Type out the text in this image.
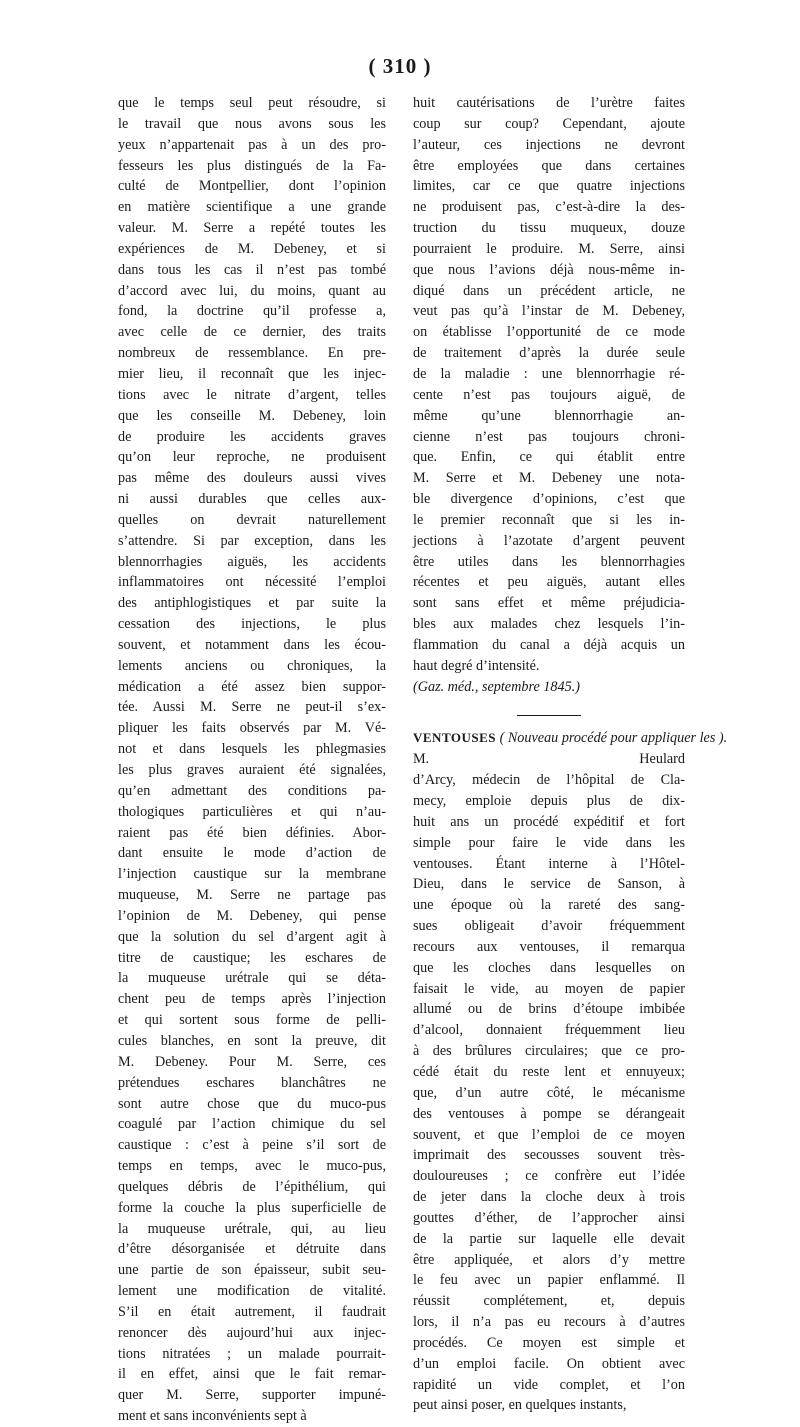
( 310 )
que le temps seul peut résoudre, si
le travail que nous avons sous les
yeux n’appartenait pas à un des pro-
fesseurs les plus distingués de la Fa-
culté de Montpellier, dont l’opinion
en matière scientifique a une grande
valeur. M. Serre a repété toutes les
expériences de M. Debeney, et si
dans tous les cas il n’est pas tombé
d’accord avec lui, du moins, quant au
fond, la doctrine qu’il professe a,
avec celle de ce dernier, des traits
nombreux de ressemblance. En pre-
mier lieu, il reconnaît que les injec-
tions avec le nitrate d’argent, telles
que les conseille M. Debeney, loin
de produire les accidents graves
qu’on leur reproche, ne produisent
pas même des douleurs aussi vives
ni aussi durables que celles aux-
quelles on devrait naturellement
s’attendre. Si par exception, dans les
blennorrhagies aiguës, les accidents
inflammatoires ont nécessité l’emploi
des antiphlogistiques et par suite la
cessation des injections, le plus
souvent, et notamment dans les écou-
lements anciens ou chroniques, la
médication a été assez bien suppor-
tée. Aussi M. Serre ne peut-il s’ex-
pliquer les faits observés par M. Vé-
not et dans lesquels les phlegmasies
les plus graves auraient été signalées,
qu’en admettant des conditions pa-
thologiques particulières et qui n’au-
raient pas été bien définies. Abor-
dant ensuite le mode d’action de
l’injection caustique sur la membrane
muqueuse, M. Serre ne partage pas
l’opinion de M. Debeney, qui pense
que la solution du sel d’argent agit à
titre de caustique; les eschares de
la muqueuse urétrale qui se déta-
chent peu de temps après l’injection
et qui sortent sous forme de pelli-
cules blanches, en sont la preuve, dit
M. Debeney. Pour M. Serre, ces
prétendues eschares blanchâtres ne
sont autre chose que du muco-pus
coagulé par l’action chimique du sel
caustique : c’est à peine s’il sort de
temps en temps, avec le muco-pus,
quelques débris de l’épithélium, qui
forme la couche la plus superficielle de
la muqueuse urétrale, qui, au lieu
d’être désorganisée et détruite dans
une partie de son épaisseur, subit seu-
lement une modification de vitalité.
S’il en était autrement, il faudrait
renoncer dès aujourd’hui aux injec-
tions nitratées ; un malade pourrait-
il en effet, ainsi que le fait remar-
quer M. Serre, supporter impuné-
ment et sans inconvénients sept à
huit cautérisations de l’urètre faites
coup sur coup? Cependant, ajoute
l’auteur, ces injections ne devront
être employées que dans certaines
limites, car ce que quatre injections
ne produisent pas, c’est-à-dire la des-
truction du tissu muqueux, douze
pourraient le produire. M. Serre, ainsi
que nous l’avions déjà nous-même in-
diqué dans un précédent article, ne
veut pas qu’à l’instar de M. Debeney,
on établisse l’opportunité de ce mode
de traitement d’après la durée seule
de la maladie : une blennorrhagie ré-
cente n’est pas toujours aiguë, de
même qu’une blennorrhagie an-
cienne n’est pas toujours chroni-
que. Enfin, ce qui établit entre
M. Serre et M. Debeney une nota-
ble divergence d’opinions, c’est que
le premier reconnaît que si les in-
jections à l’azotate d’argent peuvent
être utiles dans les blennorrhagies
récentes et peu aiguës, autant elles
sont sans effet et même préjudicia-
bles aux malades chez lesquels l’in-
flammation du canal a déjà acquis un
haut degré d’intensité.
(Gaz. méd., septembre 1845.)
VENTOUSES ( Nouveau procédé pour appliquer les ).
M. Heulard
d’Arcy, médecin de l’hôpital de Cla-
mecy, emploie depuis plus de dix-
huit ans un procédé expéditif et fort
simple pour faire le vide dans les
ventouses. Étant interne à l’Hôtel-
Dieu, dans le service de Sanson, à
une époque où la rareté des sang-
sues obligeait d’avoir fréquemment
recours aux ventouses, il remarqua
que les cloches dans lesquelles on
faisait le vide, au moyen de papier
allumé ou de brins d’étoupe imbibée
d’alcool, donnaient fréquemment lieu
à des brûlures circulaires; que ce pro-
cédé était du reste lent et ennuyeux;
que, d’un autre côté, le mécanisme
des ventouses à pompe se dérangeait
souvent, et que l’emploi de ce moyen
imprimait des secousses souvent très-
douloureuses ; ce confrère eut l’idée
de jeter dans la cloche deux à trois
gouttes d’éther, de l’approcher ainsi
de la partie sur laquelle elle devait
être appliquée, et alors d’y mettre
le feu avec un papier enflammé. Il
réussit complétement, et, depuis
lors, il n’a pas eu recours à d’autres
procédés. Ce moyen est simple et
d’un emploi facile. On obtient avec
rapidité un vide complet, et l’on
peut ainsi poser, en quelques instants,
